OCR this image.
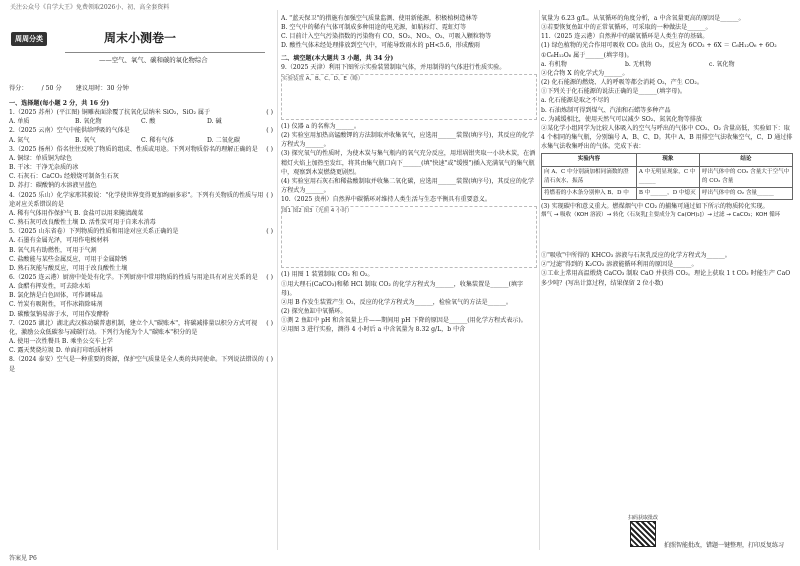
关注公众号《自学大王》免费领取2026小、初、高全套资料
周周分类	周末小测卷一
——空气、氧气、碳和碳的氧化物综合
得分： / 50 分 建议用时：30 分钟

一、选择题(每小题 2 分，共 16 分)

( )
1.（2025 苏州）(平江图) 铜雕表面涂覆了抗氧化层纳米 SiO₂，SiO₂ 属于

A. 单质	B. 氧化物	C. 酸	D. 碱

( )
2.（2025 云南）空气中能供给呼吸的气体是

A. 氮气	B. 氧气	C. 稀有气体	D. 二氧化碳

( )
3.（2025 扬州）俗名往往反映了物质的组成、性质或用途。下列对物质俗名的理解正确的是

A. 铜绿：单质铜为绿色

B. 干冰：干净无杂质的冰

C. 石灰石：CaCO₃ 经煅烧可制备生石灰

D. 苏打：碳酸钠的水溶液呈蓝色

( )
4.（2025 乐山）化学家邢其毅说："化学使世界变得更加绚丽多彩"。下列有关物质的性质与用途对应关系错误的是

A. 稀有气体用作保护气 B. 食盐可以用来腌渍蔬菜

C. 熟石灰可改良酸性土壤 D. 活性炭可用于自来水消毒

( )
5.（2025 山东省卷）下列物质的性质和用途对应关系正确的是

A. 石墨有金属光泽，可用作电极材料

B. 氧气具有助燃性，可用于气割

C. 盐酸能与某些金属反应，可用于金属除锈

D. 熟石灰能与酸反应，可用于改良酸性土壤

( )
6.（2025 连云港）厨房中处处有化学。下列厨房中常用物质的性质与用途具有对应关系的是

A. 食醋有挥发性，可去除水垢

B. 氯化钠是白色固体，可作调味品

C. 竹炭有吸附性，可作冰箱除味剂

D. 碳酸氢钠易溶于水，可用作发酵粉

( )
7.（2025 湖北）湖北武汉推动碳普惠机制，建立个人"碳账本"，将碳减排量以积分方式可视化，激励公众低碳参与减碳行动。下列行为能为个人"碳账本"积分的是

A. 使用一次性餐具 B. 乘坐公交车上学

C. 露天焚烧垃圾 D. 单面打印纸质材料

( )
8.（2024 泰安）空气是一种重要的资源，保护空气质量是全人类的共同使命。下列说法错误的是

A. "蓝天保卫"的措施有加强空气质量监测、使用新能源，积极植树造林等

B. 空气中的稀有气体可制成多种用途的电光源，如航标灯、霓虹灯等

C. 目前计入空气污染指数的污染物有 CO、SO₂、NO₂、O₃、可吸入颗粒物等

D. 酸性气体未经处理排放到空气中，可能导致雨水的 pH<5.6，形成酸雨

二、填空题(本大题共 3 小题，共 34 分)

9.（2025 天津）利用下图所示实验装置制取气体，并用制得的气体进行性质实验。

实验装置 A、B、C、D、E（略）

(1) 仪器 a 的名称为______。

(2) 实验室用加热高锰酸钾的方法制取并收集氧气，应选用______装置(填序号)，其反应的化学方程式为______。

(3) 探究氧气的性质时，为使木炭与集气瓶内的氧气充分反应，用坩埚钳夹取一小块木炭，在酒精灯火焰上加热至发红，将其由集气瓶口向下______(填"快速"或"缓慢")插入充满氧气的集气瓶中，观察到木炭燃烧更剧烈。

(4) 实验室用石灰石和稀盐酸制取并收集二氧化碳，应选用______装置(填序号)，其反应的化学方程式为______。

10.（2025 贵州）自然界中碳循环对维持人类生活与生态平衡具有重要意义。

图1 图2 图3（光照 4 小时）

(1) 用图 1 装置制取 CO₂ 和 O₂。

①用大理石(CaCO₃)和稀 HCl 制取 CO₂ 的化学方程式为______，收集装置是______(填字母)。

②用 B 作发生装置产生 O₂，反应的化学方程式为______，检验氧气的方法是______。

(2) 探究鱼缸中氧循环。

①测 2 鱼缸中 pH 和含氧量上升——期间用 pH 下降的原因是______(用化学方程式表示)。

②用图 3 进行实验，测得 4 小时后 a 中含氧量为 8.32 g/L，b 中含

氧量为 6.23 g/L。从氧循环的角度分析，a 中含氧量更高的原因是______。

③若要恢复鱼缸中的正常氧循环，可采取的一种做法是______。

11.（2025 连云港）自然界中的碳氧循环是人类生存的基础。

(1) 绿色植物的光合作用可吸收 CO₂ 放出 O₂，反应为 6CO₂ + 6X ＝ C₆H₁₂O₆ + 6O₂

①C₆H₁₂O₆ 属于______(填字母)。

a. 有机物	b. 无机物	c. 氧化物

②化合物 X 的化学式为______。

(2) 化石能源的燃烧、人的呼吸等都会消耗 O₂，产生 CO₂。

①下列关于化石能源的说法正确的是______(填字母)。

a. 化石能源是取之不尽的

b. 石油炼制可得到煤气、汽油和石蜡等多种产品

c. 为减缓相比，使用天然气可以减少 SO₂、氮氧化物等排放

②某化学小组同学为比较人体吸入的空气与呼出的气体中 CO₂、O₂ 含量高低，实验如下：取 4 个相同的集气瓶，分别编号 A、B、C、D。其中 A、B 用排空气法收集空气，C、D 通过排水集气法收集呼出的气体。完成下表：

实验内容	现象	结论
向 A、C 中分别滴加相同滴数的澄清石灰水，振荡	A 中无明显现象，C 中______	呼出气体中的 CO₂ 含量大于空气中的 CO₂ 含量
将燃着的小木条分别伸入 B、D 中	B 中______，D 中熄灭	呼出气体中的 O₂ 含量______

(3) 实现碳中和意义重大。燃煤烟气中 CO₂ 的捕集可通过如下所示的物质转化实现。

烟气 → 吸收（KOH 溶液）→ 转化（石灰乳[主要成分为 Ca(OH)₂]）→ 过滤 → CaCO₃；KOH 循环

①"吸收"中所得的 KHCO₃ 溶液与石灰乳反应的化学方程式为______。

②"过滤"得到的 K₂CO₃ 溶液能循环利用的原因是______。

③工业上常用高温煅烧 CaCO₃ 制取 CaO 并获得 CO₂。理论上获取 1 t CO₂ 时能生产 CaO 多少吨？(写出计算过程，结果保留 2 位小数)

答案见 P6
扫码获取批改
拍照智能批改，错题一键整理，打印反复练习
